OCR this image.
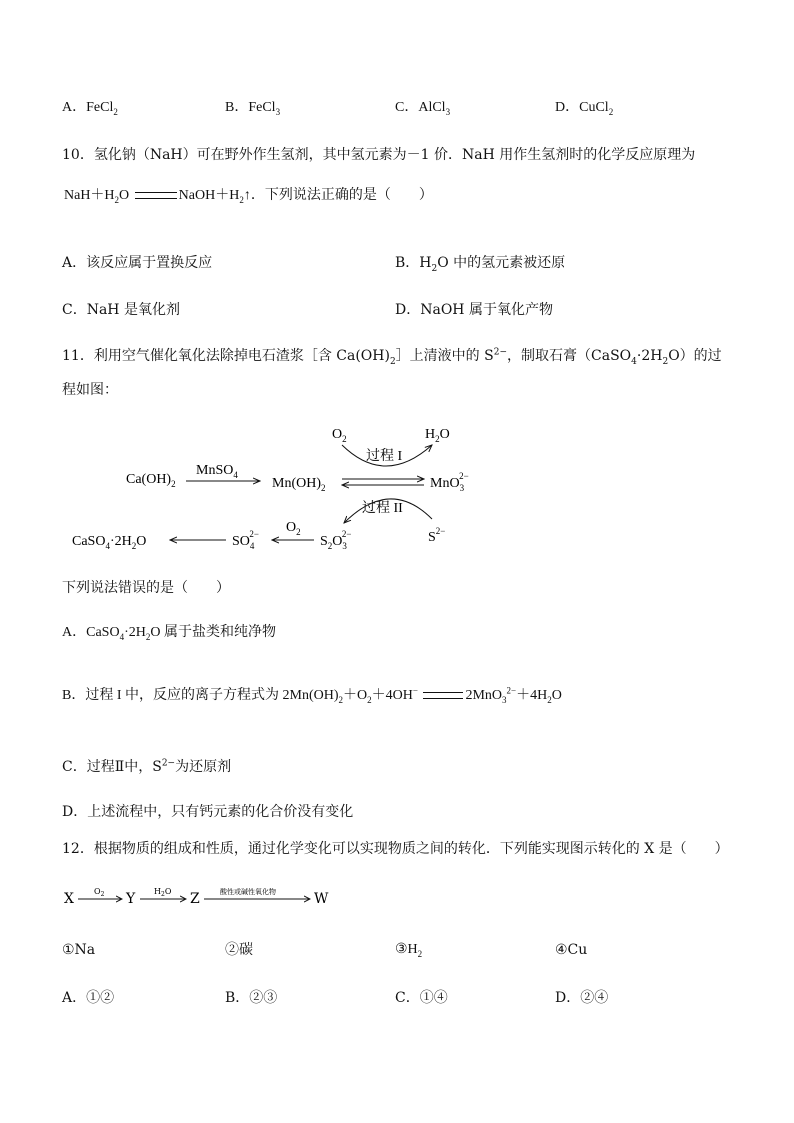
A．FeCl$_2$	B．FeCl$_3$	C．AlCl$_3$	D．CuCl$_2$
10．氢化钠（NaH）可在野外作生氢剂，其中氢元素为－1 价．NaH 用作生氢剂时的化学反应原理为
$NaH+H_2O$	$NaOH+H_2↑$．下列说法正确的是（　　）
A．该反应属于置换反应	B．$H_2O$ 中的氢元素被还原
C．NaH 是氧化剂	D．NaOH 属于氧化产物
11．利用空气催化氧化法除掉电石渣浆［含 $Ca(OH)_2]$上清液中的 $S^{2-}$，制取石膏$(CaSO_4\cdot 2H_2O)$的过
程如图：
$Ca(OH)_2$
MnSO$_4$
$Mn(OH)_2$	MnO$_3$2−
$O_2$	$H_2O$
过程 I
过程 II
$S^{2-}$
$CaSO_4\cdot 2H_2O$	$SO_42- O_2$
$S_2O_32-$
下列说法错误的是（　　）
A．$CaSO_4\cdot 2H_2O$ 属于盐类和纯净物
B．过程 I 中，反应的离子方程式为 $2Mn(OH)_2+O_2+4OH^-$	$2MnO_3^{2-}+4H_2O$
C．过程Ⅱ中，$S^{2-}$为还原剂
D．上述流程中，只有钙元素的化合价没有变化
12．根据物质的组成和性质，通过化学变化可以实现物质之间的转化．下列能实现图示转化的 X 是（　　）
X	$O_2$ Y $H_2O$ Z	酸性或碱性氧化物	W
①Na	②碳	$③H_2$	④Cu
A．①②	B．②③	C．①④	D．②④
